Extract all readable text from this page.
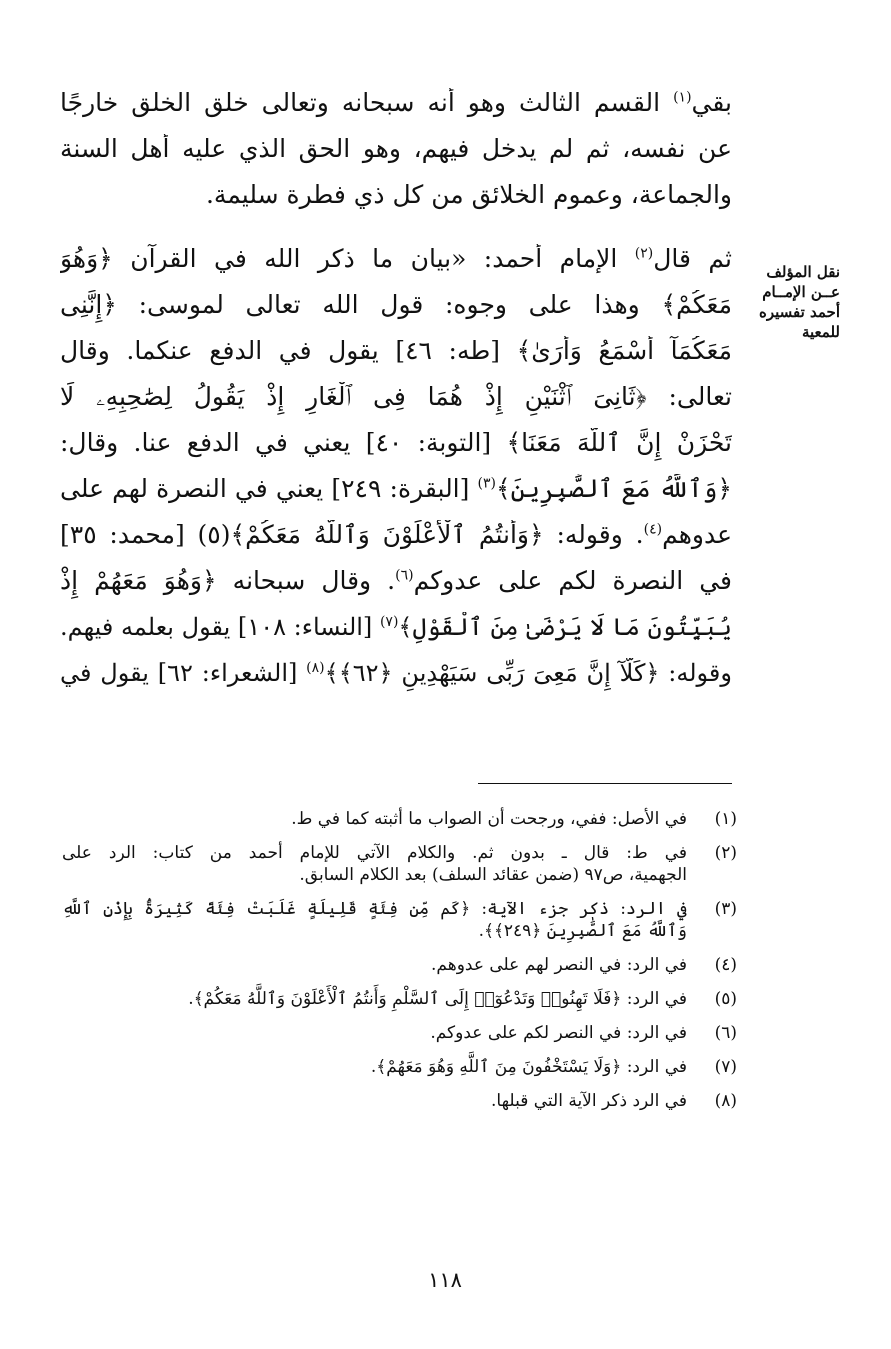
بقي$^{(١)}$ القسم الثالث وهو أنه سبحانه وتعالى خلق الخلق خارجًا
عن نفسه، ثم لم يدخل فيهم، وهو الحق الذي عليه أهل السنة
والجماعة، وعموم الخلائق من كل ذي فطرة سليمة.
نقل المؤلف
عــن الإمــام
أحمد تفسيره
للمعية
ثم قال$^{(٢)}$ الإمام أحمد: «بيان ما ذكر الله في القرآن ﴿وَهُوَ
مَعَكُمْ﴾ وهذا على وجوه: قول الله تعالى لموسى: ﴿إِنَّنِى
مَعَكُمَآ أَسْمَعُ وَأَرَىٰ﴾ [طه: ٤٦] يقول في الدفع عنكما. وقال
تعالى: ﴿ثَانِىَ ٱثْنَيْنِ إِذْ هُمَا فِى ٱلْغَارِ إِذْ يَقُولُ لِصَٰحِبِهِۦ لَا
تَحْزَنْ إِنَّ ٱللَّهَ مَعَنَا﴾ [التوبة: ٤٠] يعني في الدفع عنا. وقال:
﴿وَٱللَّهُ مَعَ ٱلصَّٰبِرِينَ﴾$^{(٣)}$ [البقرة: ٢٤٩] يعني في النصرة لهم على
عدوهم$^{(٤)}$. وقوله: ﴿وَأَنتُمُ ٱلْأَعْلَوْنَ وَٱللَّهُ مَعَكُمْ﴾(٥) [محمد: ٣٥]
في النصرة لكم على عدوكم$^{(٦)}$. وقال سبحانه ﴿وَهُوَ مَعَهُمْ إِذْ
يُبَيِّتُونَ مَا لَا يَرْضَىٰ مِنَ ٱلْقَوْلِ﴾$^{(٧)}$ [النساء: ١٠٨] يقول بعلمه فيهم.
وقوله: ﴿كَلَّآ إِنَّ مَعِىَ رَبِّى سَيَهْدِينِ ﴿٦٢﴾﴾$^{(٨)}$ [الشعراء: ٦٢] يقول في
(١)
في الأصل: ففي، ورجحت أن الصواب ما أثبته كما في ط.
(٢)
في ط: قال ـ بدون ثم. والكلام الآتي للإمام أحمد من كتاب: الرد على
الجهمية، ص٩٧ (ضمن عقائد السلف) بعد الكلام السابق.
(٣)
في الرد: ذكر جزء الآية: ﴿كَم مِّن فِئَةٍ قَلِيلَةٍ غَلَبَتْ فِئَةً كَثِيرَةًۢ بِإِذْنِ ٱللَّهِ
وَٱللَّهُ مَعَ ٱلصَّٰبِرِينَ ﴿٢٤٩﴾﴾.
(٤)
في الرد: في النصر لهم على عدوهم.
(٥)
في الرد: ﴿فَلَا تَهِنُوا۟ وَتَدْعُوٓا۟ إِلَى ٱلسَّلْمِ وَأَنتُمُ ٱلْأَعْلَوْنَ وَٱللَّهُ مَعَكُمْ﴾.
(٦)
في الرد: في النصر لكم على عدوكم.
(٧)
في الرد: ﴿وَلَا يَسْتَخْفُونَ مِنَ ٱللَّهِ وَهُوَ مَعَهُمْ﴾.
(٨)
في الرد ذكر الآية التي قبلها.
١١٨
